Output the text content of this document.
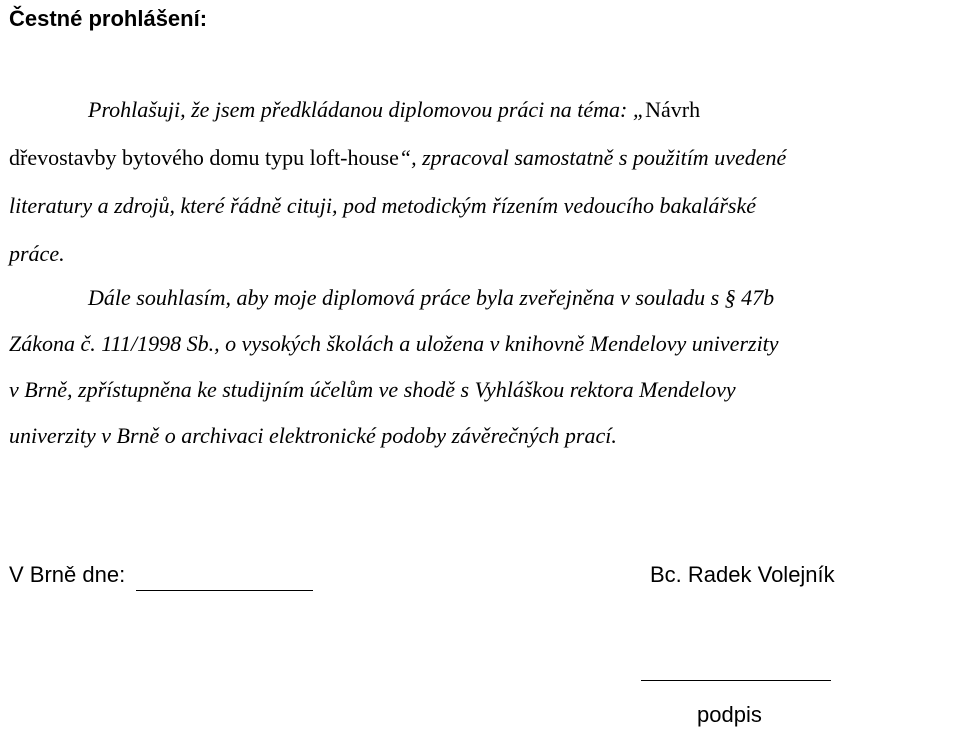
Čestné prohlášení:
Prohlašuji, že jsem předkládanou diplomovou práci na téma: „Návrh
dřevostavby bytového domu typu loft-house“, zpracoval samostatně s použitím uvedené
literatury a zdrojů, které řádně cituji, pod metodickým řízením vedoucího bakalářské
práce.
Dále souhlasím, aby moje diplomová práce byla zveřejněna v souladu s § 47b
Zákona č. 111/1998 Sb., o vysokých školách a uložena v knihovně Mendelovy univerzity
v Brně, zpřístupněna ke studijním účelům ve shodě s Vyhláškou rektora Mendelovy
univerzity v Brně o archivaci elektronické podoby závěrečných prací.
V Brně dne:	Bc. Radek Volejník
podpis
